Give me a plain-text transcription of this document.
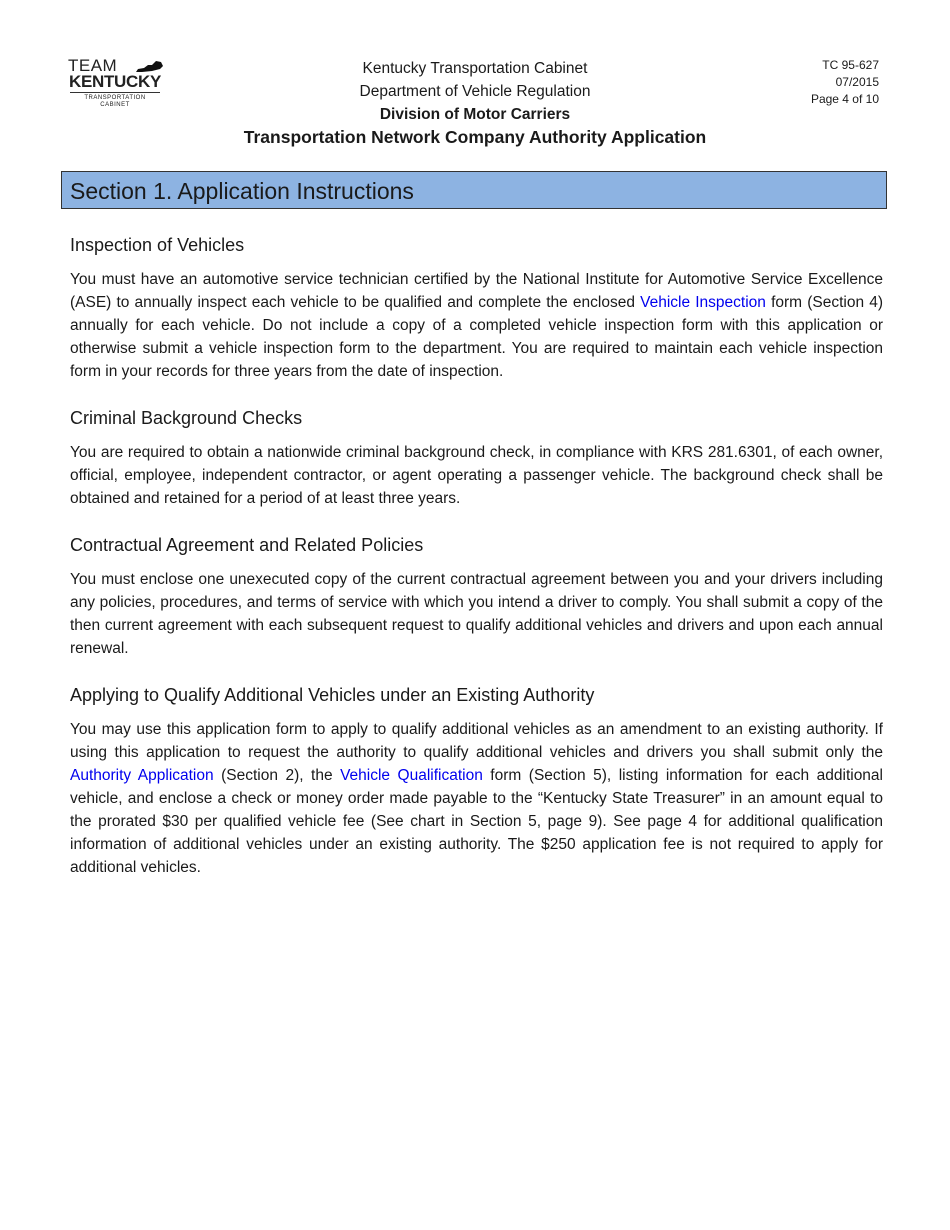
TEAM
KENTUCKY
TRANSPORTATION
CABINET
Kentucky Transportation Cabinet
Department of Vehicle Regulation
Division of Motor Carriers
Transportation Network Company Authority Application
TC 95-627
07/2015
Page 4 of 10
Section 1. Application Instructions
Inspection of Vehicles

You must have an automotive service technician certified by the National Institute for Automotive Service Excellence (ASE) to annually inspect each vehicle to be qualified and complete the enclosed Vehicle Inspection form (Section 4) annually for each vehicle. Do not include a copy of a completed vehicle inspection form with this application or otherwise submit a vehicle inspection form to the department. You are required to maintain each vehicle inspection form in your records for three years from the date of inspection.

Criminal Background Checks

You are required to obtain a nationwide criminal background check, in compliance with KRS 281.6301, of each owner, official, employee, independent contractor, or agent operating a passenger vehicle. The background check shall be obtained and retained for a period of at least three years.

Contractual Agreement and Related Policies

You must enclose one unexecuted copy of the current contractual agreement between you and your drivers including any policies, procedures, and terms of service with which you intend a driver to comply. You shall submit a copy of the then current agreement with each subsequent request to qualify additional vehicles and drivers and upon each annual renewal.

Applying to Qualify Additional Vehicles under an Existing Authority

You may use this application form to apply to qualify additional vehicles as an amendment to an existing authority. If using this application to request the authority to qualify additional vehicles and drivers you shall submit only the Authority Application (Section 2), the Vehicle Qualification form (Section 5), listing information for each additional vehicle, and enclose a check or money order made payable to the “Kentucky State Treasurer” in an amount equal to the prorated $30 per qualified vehicle fee (See chart in Section 5, page 9). See page 4 for additional qualification information of additional vehicles under an existing authority. The $250 application fee is not required to apply for additional vehicles.
